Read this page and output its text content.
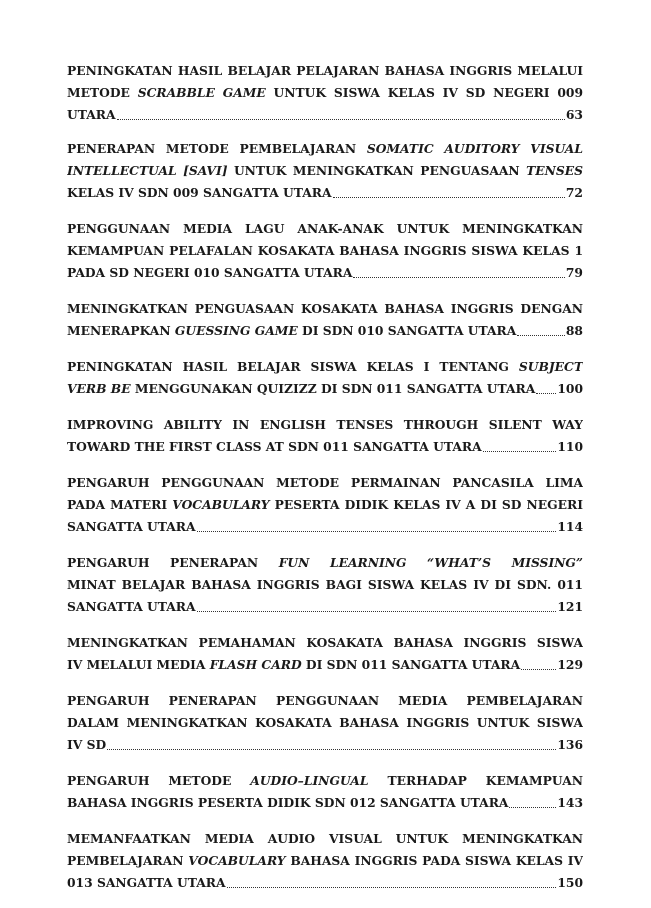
PENINGKATAN HASIL BELAJAR PELAJARAN BAHASA INGGRIS MELALUI
METODE SCRABBLE GAME UNTUK SISWA KELAS IV SD NEGERI 009
UTARA	63
PENERAPAN METODE PEMBELAJARAN SOMATIC AUDITORY VISUAL
INTELLECTUAL [SAVI] UNTUK MENINGKATKAN PENGUASAAN TENSES
KELAS IV SDN 009 SANGATTA UTARA	72
PENGGUNAAN MEDIA LAGU ANAK-ANAK UNTUK MENINGKATKAN
KEMAMPUAN PELAFALAN KOSAKATA BAHASA INGGRIS SISWA KELAS 1
PADA SD NEGERI 010 SANGATTA UTARA	79
MENINGKATKAN PENGUASAAN KOSAKATA BAHASA INGGRIS DENGAN
MENERAPKAN GUESSING GAME DI SDN 010 SANGATTA UTARA	88
PENINGKATAN HASIL BELAJAR SISWA KELAS I TENTANG SUBJECT
VERB BE MENGGUNAKAN QUIZIZZ DI SDN 011 SANGATTA UTARA 100
IMPROVING ABILITY IN ENGLISH TENSES THROUGH SILENT WAY
TOWARD THE FIRST CLASS AT SDN 011 SANGATTA UTARA	110
PENGARUH PENGGUNAAN METODE PERMAINAN PANCASILA LIMA
PADA MATERI VOCABULARY PESERTA DIDIK KELAS IV A DI SD NEGERI
SANGATTA UTARA	114
PENGARUH PENERAPAN FUN LEARNING “WHAT’S MISSING”
MINAT BELAJAR BAHASA INGGRIS BAGI SISWA KELAS IV DI SDN. 011
SANGATTA UTARA	121
MENINGKATKAN PEMAHAMAN KOSAKATA BAHASA INGGRIS SISWA
IV MELALUI MEDIA FLASH CARD DI SDN 011 SANGATTA UTARA	129
PENGARUH PENERAPAN PENGGUNAAN MEDIA PEMBELAJARAN
DALAM MENINGKATKAN KOSAKATA BAHASA INGGRIS UNTUK SISWA
IV SD	136
PENGARUH METODE AUDIO–LINGUAL TERHADAP KEMAMPUAN
BAHASA INGGRIS PESERTA DIDIK SDN 012 SANGATTA UTARA	143
MEMANFAATKAN MEDIA AUDIO VISUAL UNTUK MENINGKATKAN
PEMBELAJARAN VOCABULARY BAHASA INGGRIS PADA SISWA KELAS IV
013 SANGATTA UTARA	150
